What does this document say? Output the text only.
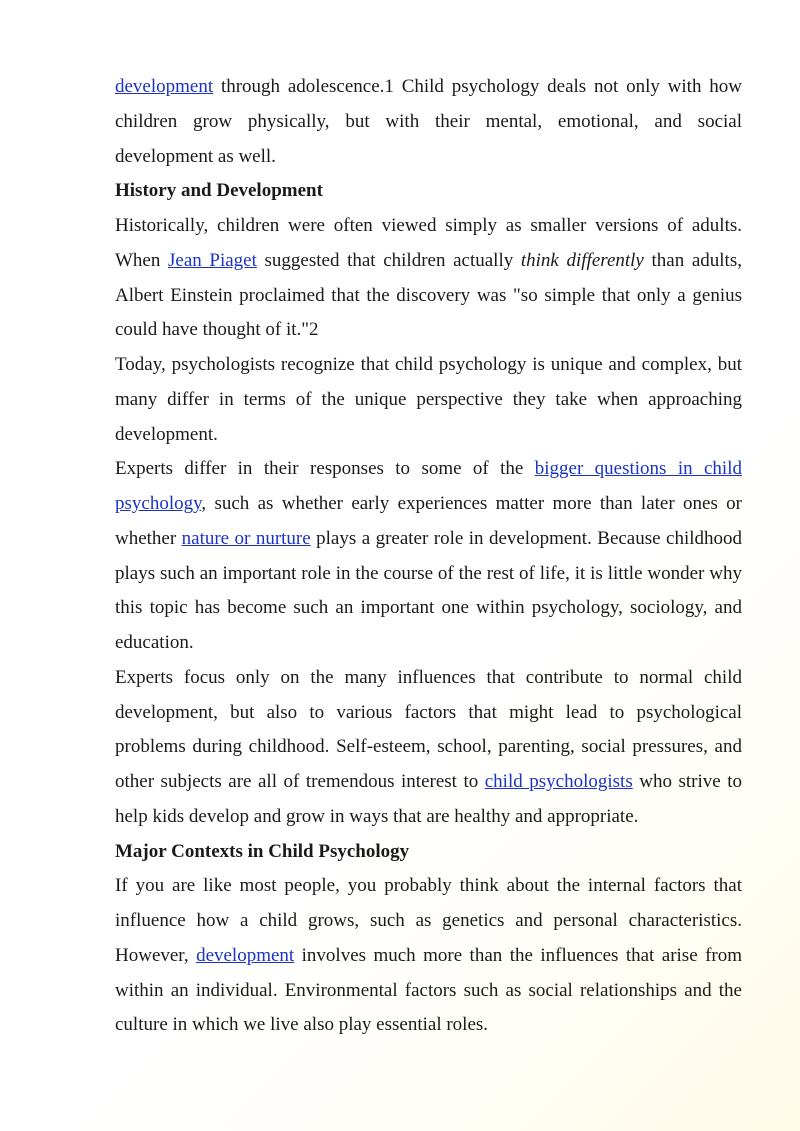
development through adolescence.1 Child psychology deals not only with how children grow physically, but with their mental, emotional, and social development as well.

History and Development

Historically, children were often viewed simply as smaller versions of adults. When Jean Piaget suggested that children actually think differently than adults, Albert Einstein proclaimed that the discovery was "so simple that only a genius could have thought of it."2

Today, psychologists recognize that child psychology is unique and complex, but many differ in terms of the unique perspective they take when approaching development.

Experts differ in their responses to some of the bigger questions in child psychology, such as whether early experiences matter more than later ones or whether nature or nurture plays a greater role in development. Because childhood plays such an important role in the course of the rest of life, it is little wonder why this topic has become such an important one within psychology, sociology, and education.

Experts focus only on the many influences that contribute to normal child development, but also to various factors that might lead to psychological problems during childhood. Self-esteem, school, parenting, social pressures, and other subjects are all of tremendous interest to child psychologists who strive to help kids develop and grow in ways that are healthy and appropriate.

Major Contexts in Child Psychology

If you are like most people, you probably think about the internal factors that influence how a child grows, such as genetics and personal characteristics. However, development involves much more than the influences that arise from within an individual. Environmental factors such as social relationships and the culture in which we live also play essential roles.
